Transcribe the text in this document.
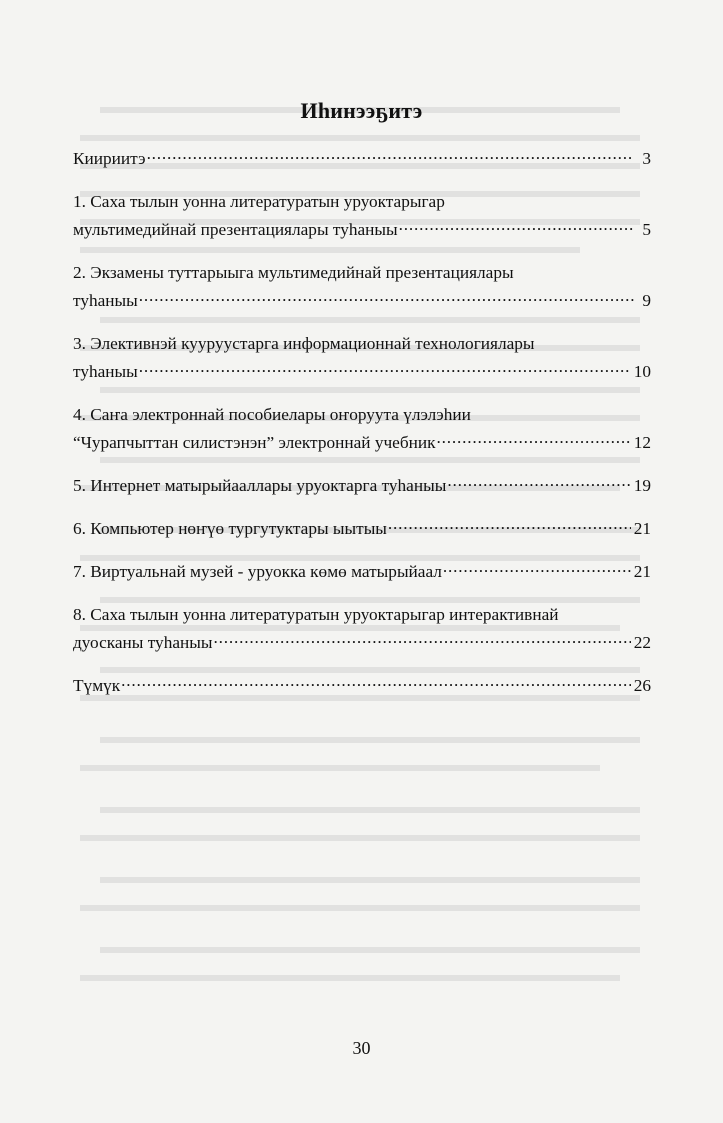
Иһинээҕитэ
Киириитэ .....	3
1. Саха тылын уонна литературатын уруоктарыгар
мультимедийнай презентациялары туһаныы .....	5
2. Экзамены туттарыыга мультимедийнай презентациялары
туһаныы .....	9
3. Элективнэй кууруустарга информационнай технологиялары
туһаныы .....	10
4. Саҥа электроннай пособиелары оҥоруута үлэлэһии
“Чурапчыттан силистэнэн” электроннай учебник .....	12
5. Интернет матырыйааллары уруоктарга туһаныы .....	19
6. Компьютер нөҥүө тургутуктары ыытыы .....	21
7. Виртуальнай музей - уруокка көмө матырыйаал .....	21
8. Саха тылын уонна литературатын уруоктарыгар интерактивнай
дуосканы туһаныы .....	22
Түмүк .....	26
30
